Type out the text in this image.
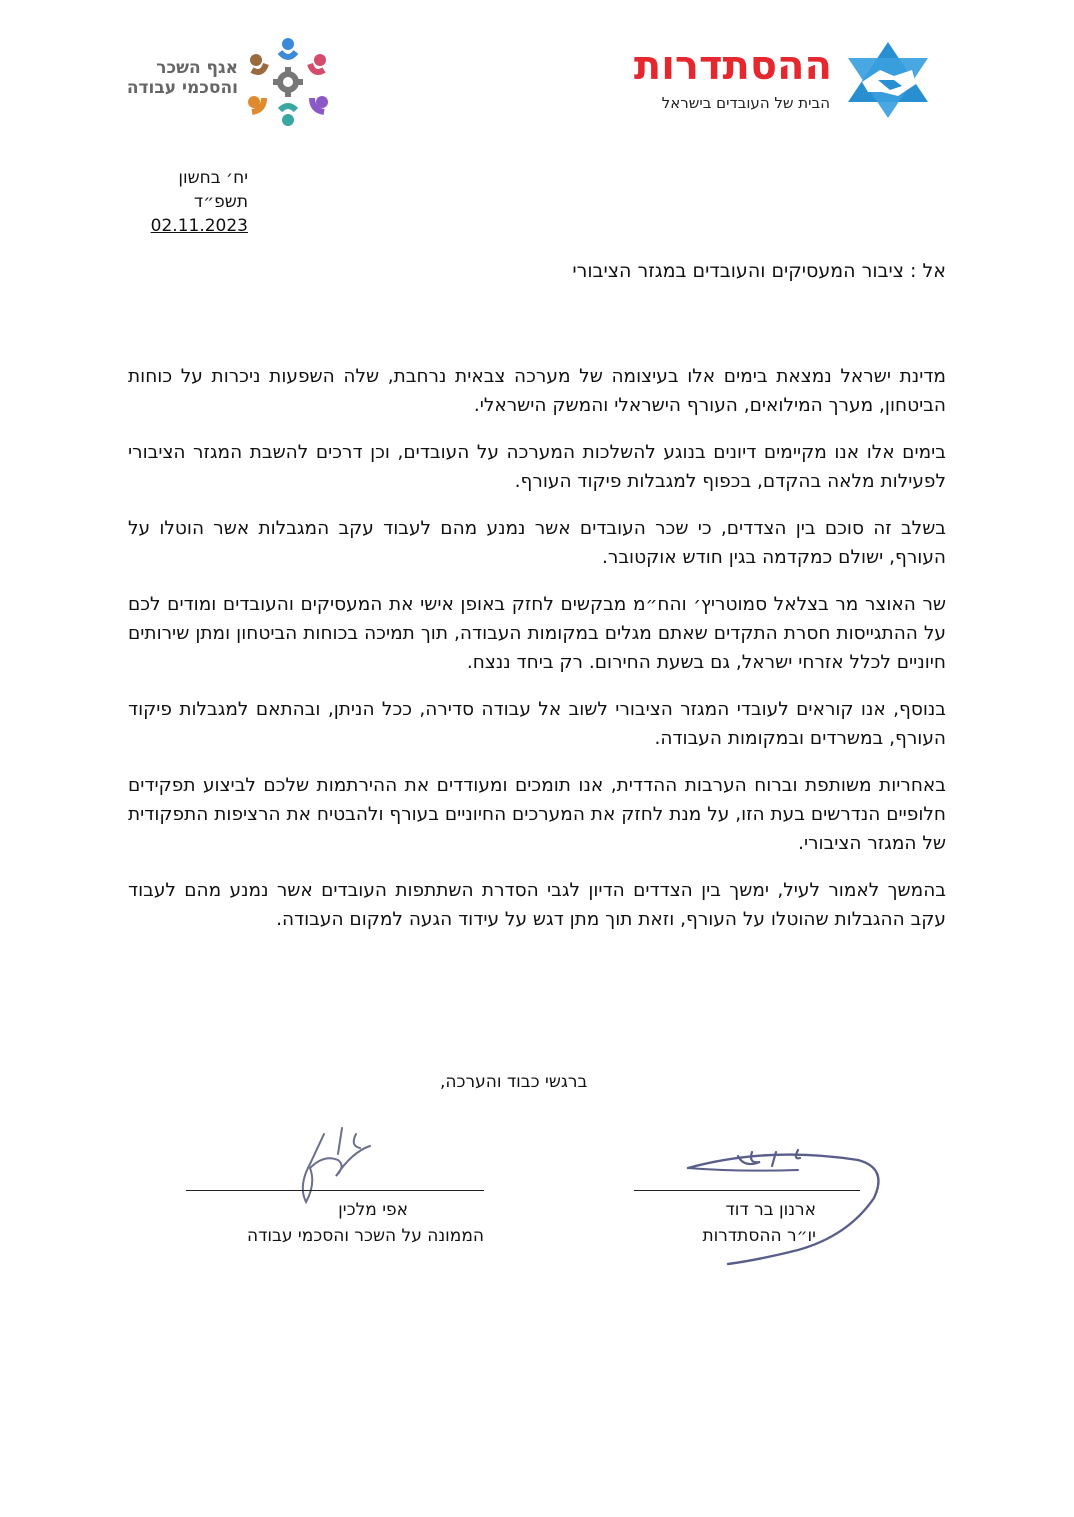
ההסתדרות
הבית של העובדים בישראל
אגף השכר
והסכמי עבודה
יח׳ בחשון תשפ״ד
02.11.2023
אל : ציבור המעסיקים והעובדים במגזר הציבורי

מדינת ישראל נמצאת בימים אלו בעיצומה של מערכה צבאית נרחבת, שלה השפעות ניכרות על כוחות הביטחון, מערך המילואים, העורף הישראלי והמשק הישראלי.

בימים אלו אנו מקיימים דיונים בנוגע להשלכות המערכה על העובדים, וכן דרכים להשבת המגזר הציבורי לפעילות מלאה בהקדם, בכפוף למגבלות פיקוד העורף.

בשלב זה סוכם בין הצדדים, כי שכר העובדים אשר נמנע מהם לעבוד עקב המגבלות אשר הוטלו על העורף, ישולם כמקדמה בגין חודש אוקטובר.

שר האוצר מר בצלאל סמוטריץ׳ והח״מ מבקשים לחזק באופן אישי את המעסיקים והעובדים ומודים לכם על ההתגייסות חסרת התקדים שאתם מגלים במקומות העבודה, תוך תמיכה בכוחות הביטחון ומתן שירותים חיוניים לכלל אזרחי ישראל, גם בשעת החירום. רק ביחד ננצח.

בנוסף, אנו קוראים לעובדי המגזר הציבורי לשוב אל עבודה סדירה, ככל הניתן, ובהתאם למגבלות פיקוד העורף, במשרדים ובמקומות העבודה.

באחריות משותפת וברוח הערבות ההדדית, אנו תומכים ומעודדים את ההירתמות שלכם לביצוע תפקידים חלופיים הנדרשים בעת הזו, על מנת לחזק את המערכים החיוניים בעורף ולהבטיח את הרציפות התפקודית של המגזר הציבורי.

בהמשך לאמור לעיל, ימשך בין הצדדים הדיון לגבי הסדרת השתתפות העובדים אשר נמנע מהם לעבוד עקב ההגבלות שהוטלו על העורף, וזאת תוך מתן דגש על עידוד הגעה למקום העבודה.

ברגשי כבוד והערכה,
ארנון בר דוד
יו״ר ההסתדרות
אפי מלכין
הממונה על השכר והסכמי עבודה
